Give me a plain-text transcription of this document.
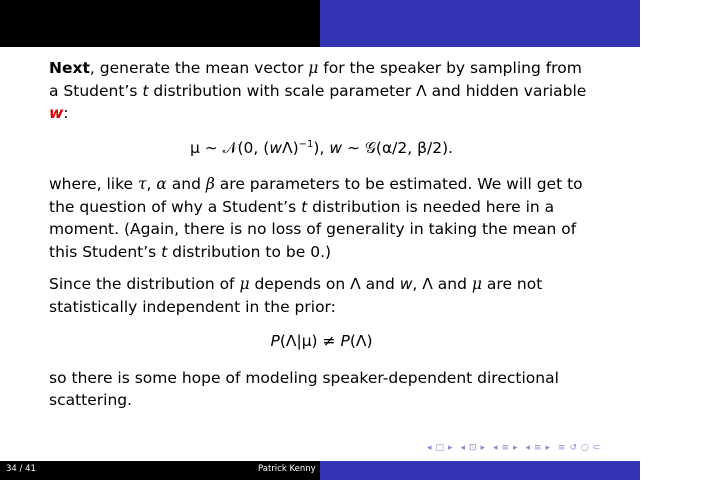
Next, generate the mean vector μ for the speaker by sampling from a Student’s t distribution with scale parameter Λ and hidden variable w:

μ ∼ 𝒩(0, $(w\Lambda)^{-1}$), w ∼ 𝒢(α/2, β/2).

where, like τ, α and β are parameters to be estimated. We will get to the question of why a Student’s t distribution is needed here in a moment. (Again, there is no loss of generality in taking the mean of this Student’s t distribution to be 0.)

Since the distribution of μ depends on Λ and w, Λ and μ are not statistically independent in the prior:

P(Λ|μ) ≠ P(Λ)

so there is some hope of modeling speaker-dependent directional scattering.

◂ □ ▸ ◂ ⊡ ▸ ◂ ≡ ▸ ◂ ≡ ▸ ≡ ↺ ○ ⊂
34 / 41	Patrick Kenny	Bayesian Speaker Verification
